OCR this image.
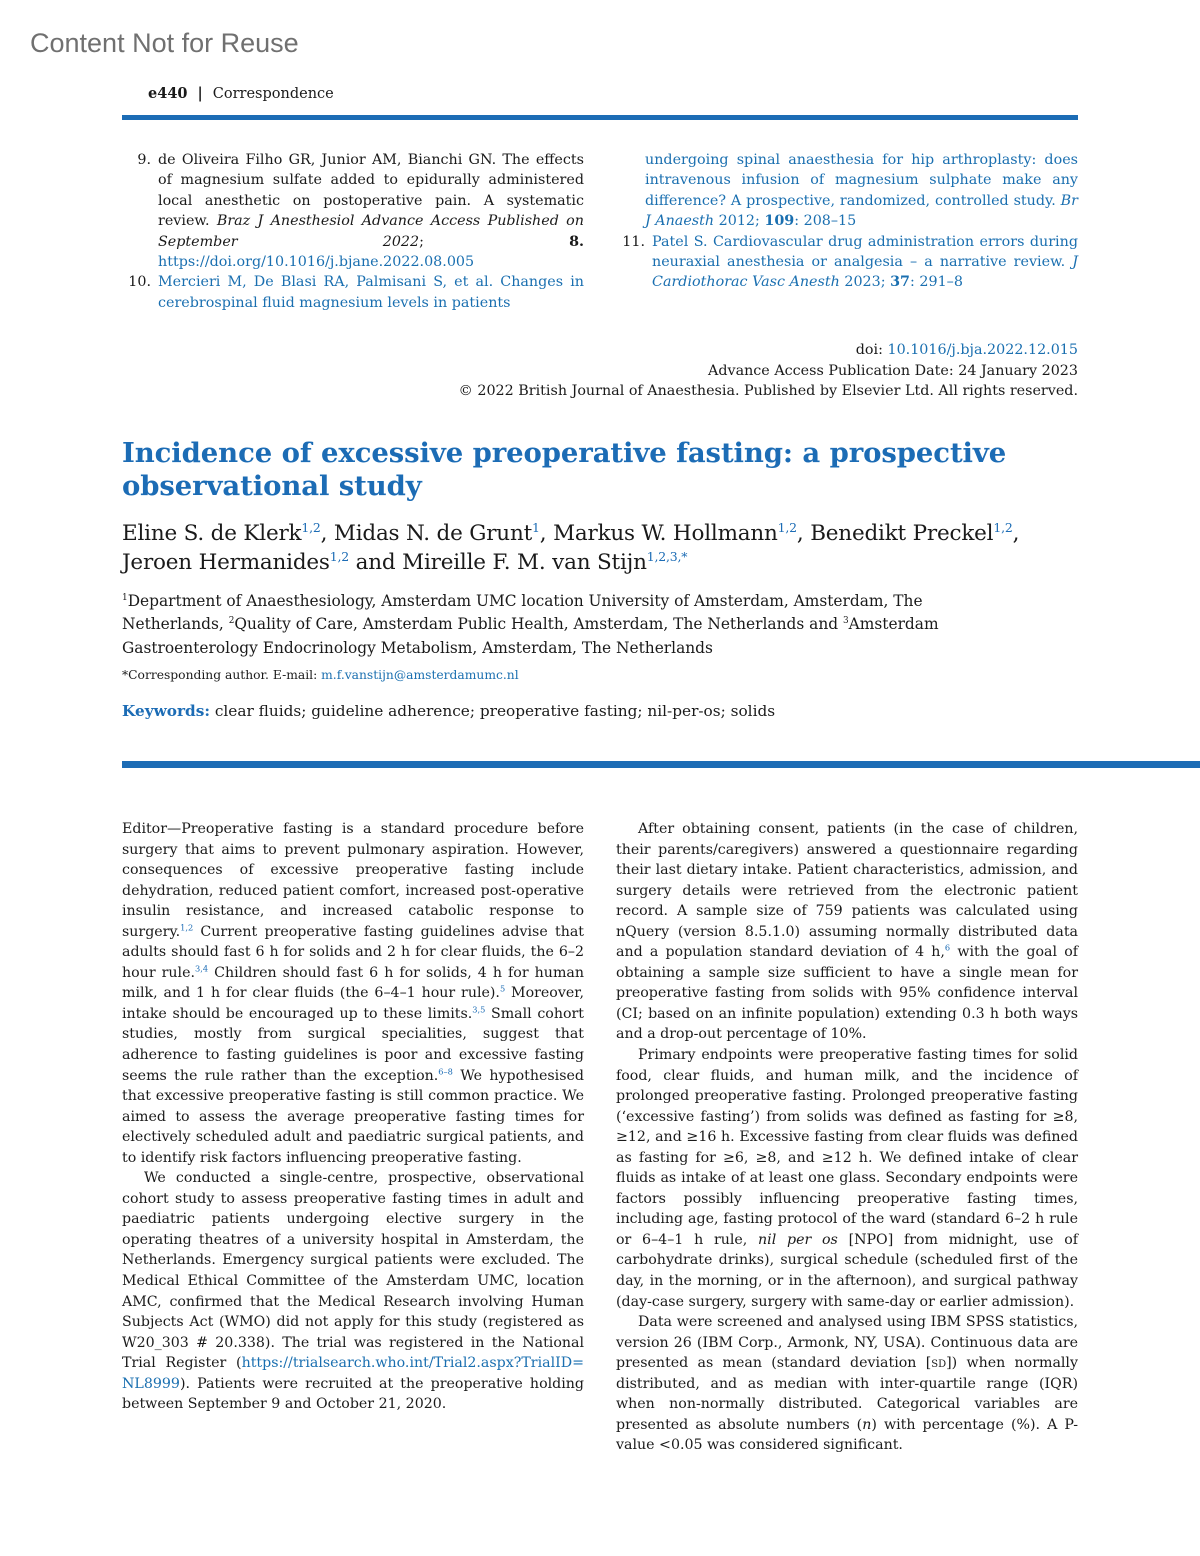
Content Not for Reuse
e440 | Correspondence
9. de Oliveira Filho GR, Junior AM, Bianchi GN. The effects of magnesium sulfate added to epidurally administered local anesthetic on postoperative pain. A systematic review. Braz J Anesthesiol Advance Access Published on September 2022; 8. https://doi.org/10.1016/j.bjane.2022.08.005
10. Mercieri M, De Blasi RA, Palmisani S, et al. Changes in cerebrospinal fluid magnesium levels in patients
undergoing spinal anaesthesia for hip arthroplasty: does intravenous infusion of magnesium sulphate make any difference? A prospective, randomized, controlled study. Br J Anaesth 2012; 109: 208–15
11. Patel S. Cardiovascular drug administration errors during neuraxial anesthesia or analgesia – a narrative review. J Cardiothorac Vasc Anesth 2023; 37: 291–8
doi: 10.1016/j.bja.2022.12.015
Advance Access Publication Date: 24 January 2023
© 2022 British Journal of Anaesthesia. Published by Elsevier Ltd. All rights reserved.
Incidence of excessive preoperative fasting: a prospective
observational study
Eline S. de Klerk$^{1,2}$, Midas N. de Grunt$^1$, Markus W. Hollmann$^{1,2}$, Benedikt Preckel$^{1,2}$,
Jeroen Hermanides$^{1,2}$ and Mireille F. M. van Stijn$^{1,2,3,*}$
$^1$Department of Anaesthesiology, Amsterdam UMC location University of Amsterdam, Amsterdam, The Netherlands, $^2$Quality of Care, Amsterdam Public Health, Amsterdam, The Netherlands and $^3$Amsterdam Gastroenterology Endocrinology Metabolism, Amsterdam, The Netherlands
*Corresponding author. E-mail: m.f.vanstijn@amsterdamumc.nl
Keywords: clear fluids; guideline adherence; preoperative fasting; nil-per-os; solids

Editor—Preoperative fasting is a standard procedure before surgery that aims to prevent pulmonary aspiration. However, consequences of excessive preoperative fasting include dehydration, reduced patient comfort, increased post-operative insulin resistance, and increased catabolic response to surgery.$^{1,2}$ Current preoperative fasting guidelines advise that adults should fast 6 h for solids and 2 h for clear fluids, the 6–2 hour rule.$^{3,4}$ Children should fast 6 h for solids, 4 h for human milk, and 1 h for clear fluids (the 6–4–1 hour rule).$^5$ Moreover, intake should be encouraged up to these limits.$^{3,5}$ Small cohort studies, mostly from surgical specialities, suggest that adherence to fasting guidelines is poor and excessive fasting seems the rule rather than the exception.$^{6-8}$ We hypothesised that excessive preoperative fasting is still common practice. We aimed to assess the average preoperative fasting times for electively scheduled adult and paediatric surgical patients, and to identify risk factors influencing preoperative fasting.

We conducted a single-centre, prospective, observational cohort study to assess preoperative fasting times in adult and paediatric patients undergoing elective surgery in the operating theatres of a university hospital in Amsterdam, the Netherlands. Emergency surgical patients were excluded. The Medical Ethical Committee of the Amsterdam UMC, location AMC, confirmed that the Medical Research involving Human Subjects Act (WMO) did not apply for this study (registered as W20_303 # 20.338). The trial was registered in the National Trial Register (https://trialsearch.who.int/Trial2.aspx?TrialID=NL8999). Patients were recruited at the preoperative holding between September 9 and October 21, 2020.

After obtaining consent, patients (in the case of children, their parents/caregivers) answered a questionnaire regarding their last dietary intake. Patient characteristics, admission, and surgery details were retrieved from the electronic patient record. A sample size of 759 patients was calculated using nQuery (version 8.5.1.0) assuming normally distributed data and a population standard deviation of 4 h,$^6$ with the goal of obtaining a sample size sufficient to have a single mean for preoperative fasting from solids with 95% confidence interval (CI; based on an infinite population) extending 0.3 h both ways and a drop-out percentage of 10%.

Primary endpoints were preoperative fasting times for solid food, clear fluids, and human milk, and the incidence of prolonged preoperative fasting. Prolonged preoperative fasting (‘excessive fasting’) from solids was defined as fasting for ≥8, ≥12, and ≥16 h. Excessive fasting from clear fluids was defined as fasting for ≥6, ≥8, and ≥12 h. We defined intake of clear fluids as intake of at least one glass. Secondary endpoints were factors possibly influencing preoperative fasting times, including age, fasting protocol of the ward (standard 6–2 h rule or 6–4–1 h rule, nil per os [NPO] from midnight, use of carbohydrate drinks), surgical schedule (scheduled first of the day, in the morning, or in the afternoon), and surgical pathway (day-case surgery, surgery with same-day or earlier admission).

Data were screened and analysed using IBM SPSS statistics, version 26 (IBM Corp., Armonk, NY, USA). Continuous data are presented as mean (standard deviation [sd]) when normally distributed, and as median with inter-quartile range (IQR) when non-normally distributed. Categorical variables are presented as absolute numbers (n) with percentage (%). A P-value <0.05 was considered significant.
